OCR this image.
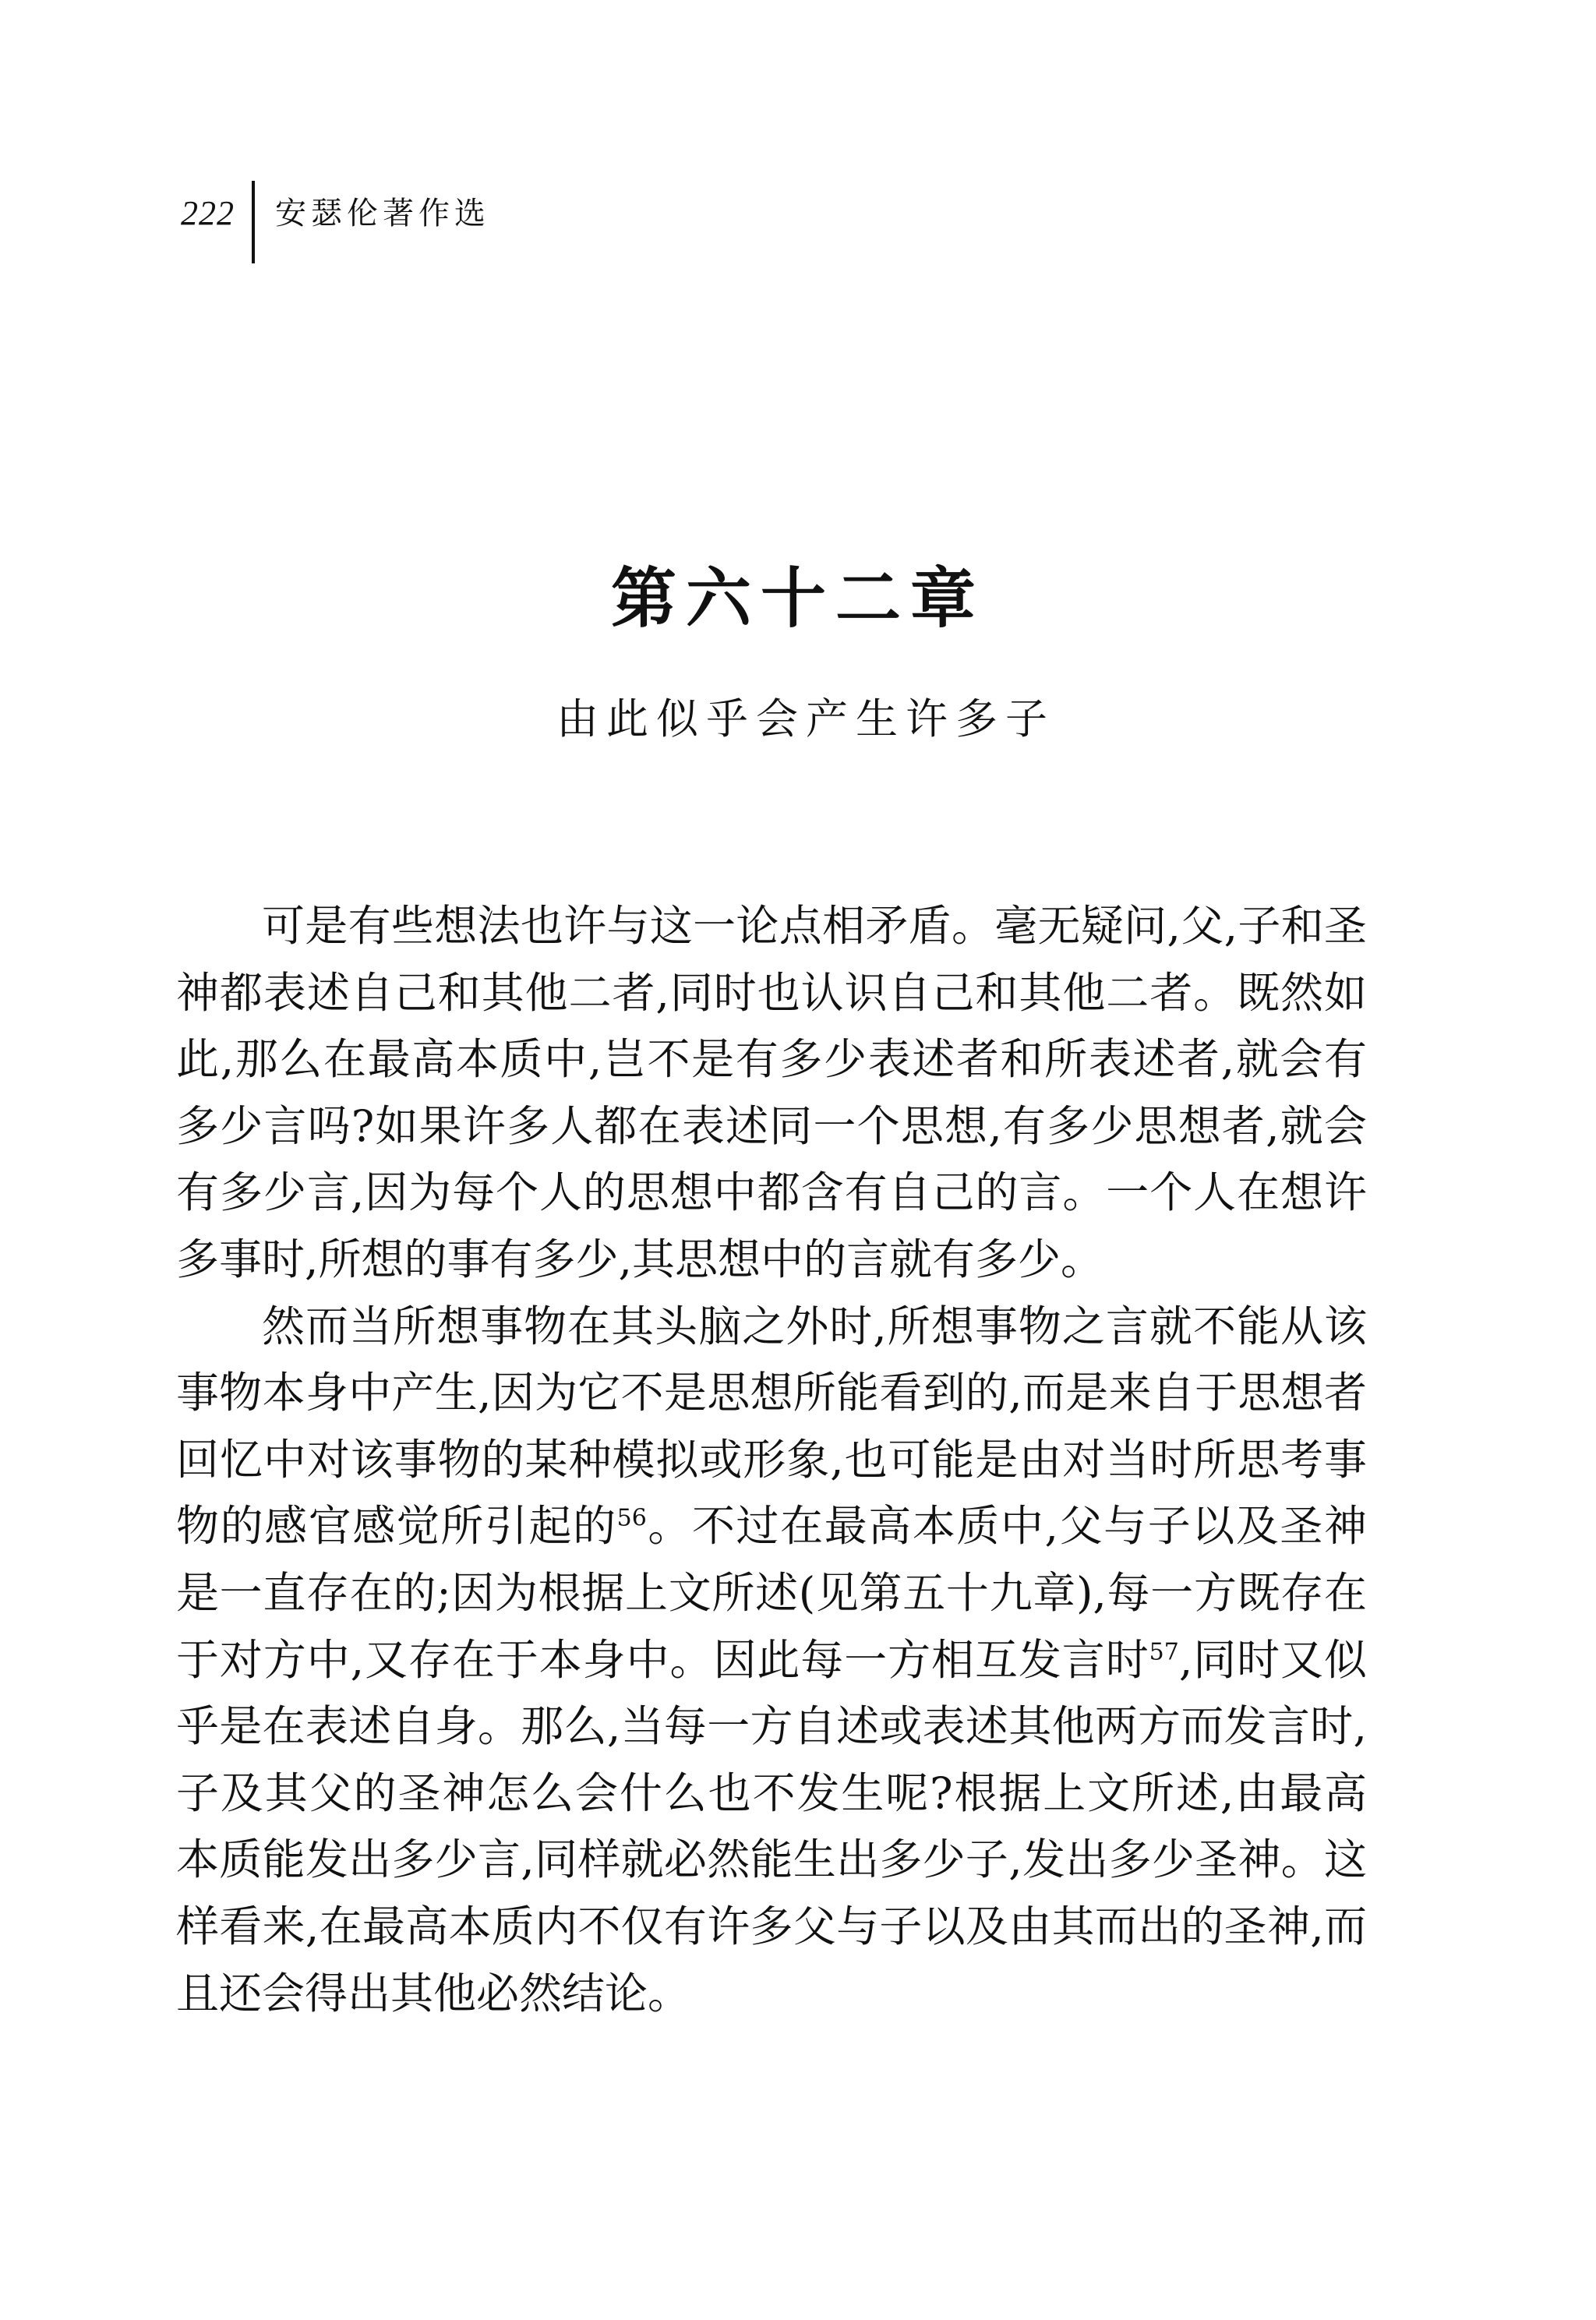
222 安瑟伦著作选
第六十二章
由此似乎会产生许多子

可是有些想法也许与这一论点相矛盾。毫无疑问,父,子和圣神都表述自己和其他二者,同时也认识自己和其他二者。既然如此,那么在最高本质中,岂不是有多少表述者和所表述者,就会有多少言吗?如果许多人都在表述同一个思想,有多少思想者,就会有多少言,因为每个人的思想中都含有自己的言。一个人在想许多事时,所想的事有多少,其思想中的言就有多少。

然而当所想事物在其头脑之外时,所想事物之言就不能从该事物本身中产生,因为它不是思想所能看到的,而是来自于思想者回忆中对该事物的某种模拟或形象,也可能是由对当时所思考事物的感官感觉所引起的$^{56}$。不过在最高本质中,父与子以及圣神是一直存在的;因为根据上文所述(见第五十九章),每一方既存在于对方中,又存在于本身中。因此每一方相互发言时$^{57}$,同时又似乎是在表述自身。那么,当每一方自述或表述其他两方而发言时,子及其父的圣神怎么会什么也不发生呢?根据上文所述,由最高本质能发出多少言,同样就必然能生出多少子,发出多少圣神。这样看来,在最高本质内不仅有许多父与子以及由其而出的圣神,而且还会得出其他必然结论。
